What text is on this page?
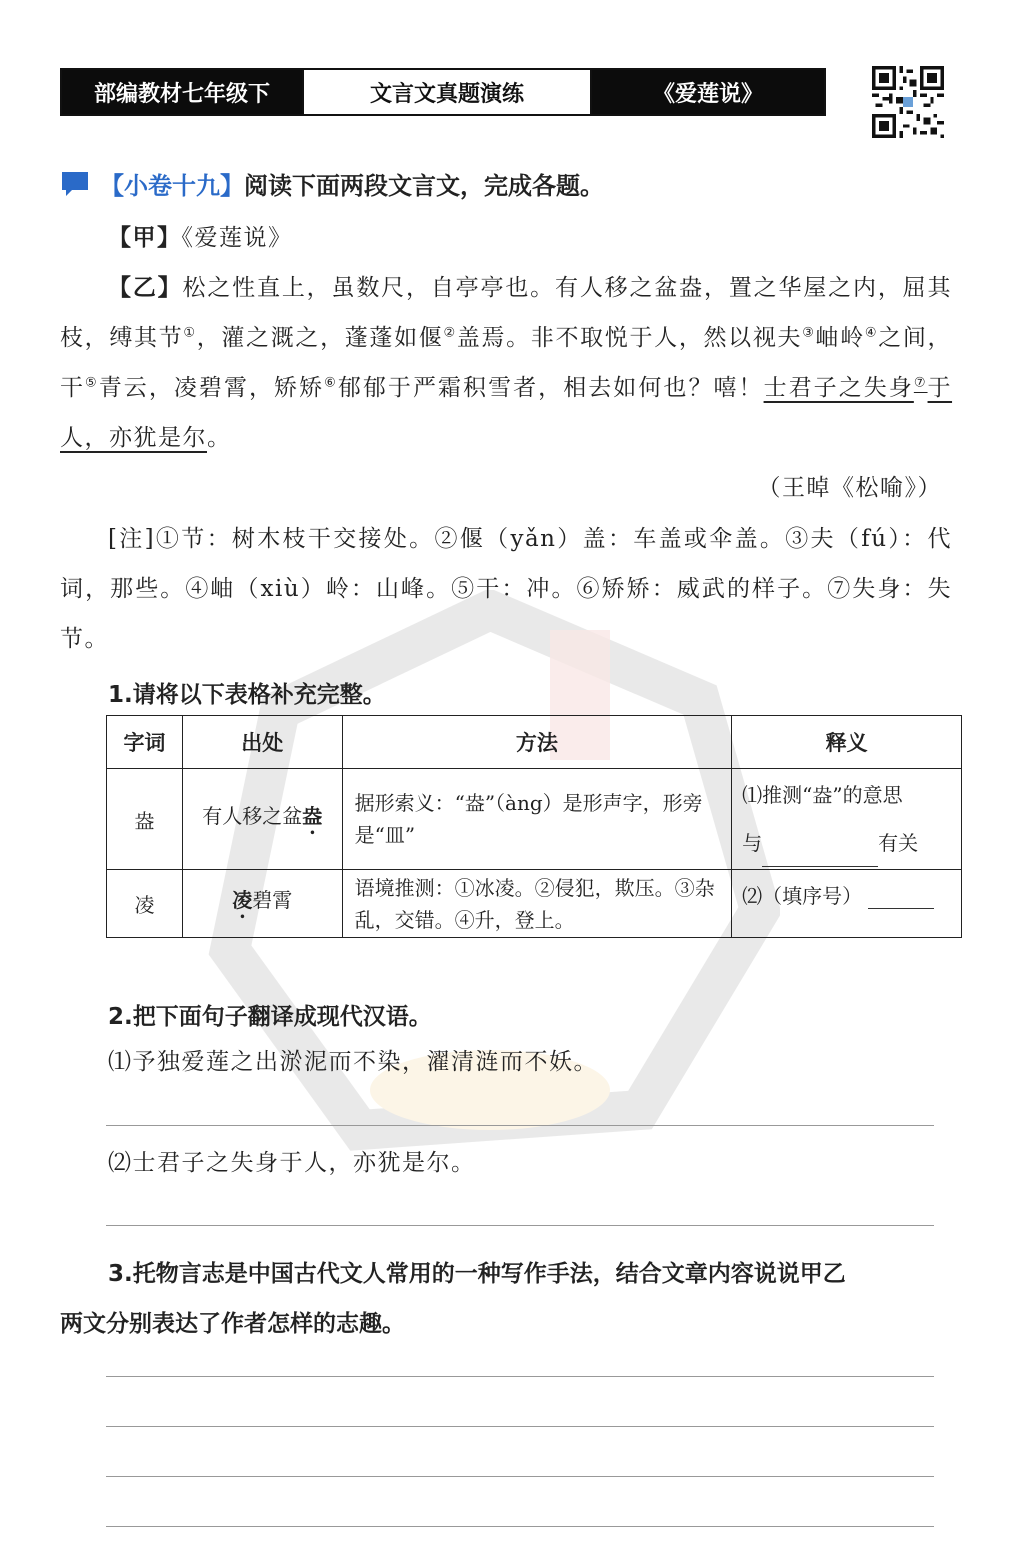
部编教材七年级下	文言文真题演练	《爱莲说》
【小卷十九】 阅读下面两段文言文，完成各题。
【甲】《爱莲说》
【乙】松之性直上，虽数尺，自亭亭也。有人移之盆盎，置之华屋之内，屈其枝，缚其节①，灌之溉之，蓬蓬如偃②盖焉。非不取悦于人，然以视夫③岫岭④之间，干⑤青云，凌碧霄，矫矫⑥郁郁于严霜积雪者，相去如何也？嘻！士君子之失身⑦于人，亦犹是尔。
（王晫《松喻》）
[注]①节：树木枝干交接处。②偃（yǎn）盖：车盖或伞盖。③夫（fú）：代词，那些。④岫（xiù）岭：山峰。⑤干：冲。⑥矫矫：威武的样子。⑦失身：失节。
1.请将以下表格补充完整。
字词	出处	方法	释义
盎	有人移之盆盎	据形索义：“盎”（àng）是形声字，形旁是“皿”	⑴推测“盎”的意思
与 有关

凌	凌碧霄	语境推测：①冰凌。②侵犯，欺压。③杂乱，交错。④升，登上。	⑵（填序号）
2.把下面句子翻译成现代汉语。
⑴予独爱莲之出淤泥而不染，濯清涟而不妖。
⑵士君子之失身于人，亦犹是尔。
3.托物言志是中国古代文人常用的一种写作手法，结合文章内容说说甲乙
两文分别表达了作者怎样的志趣。
